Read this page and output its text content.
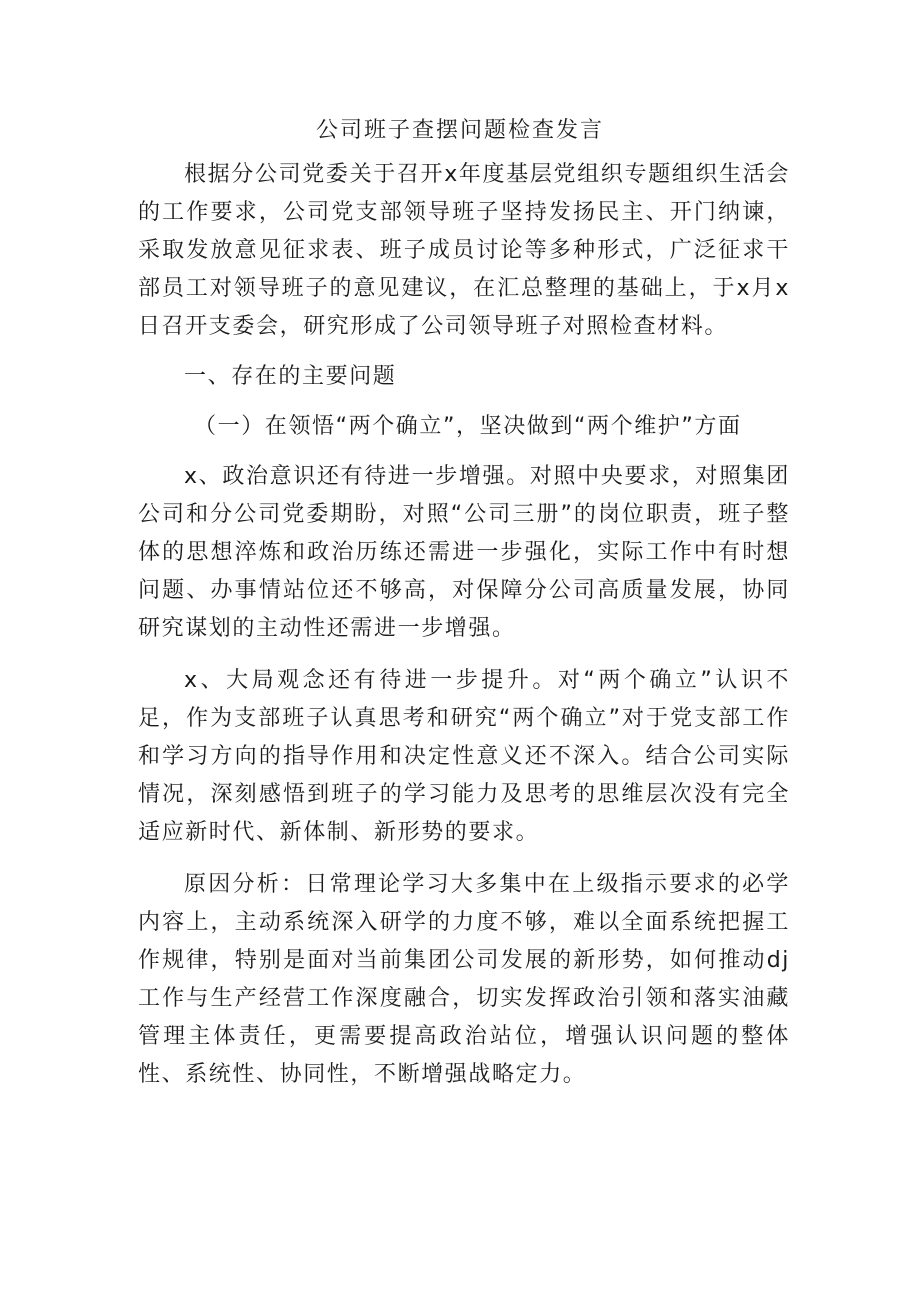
公司班子查摆问题检查发言

根据分公司党委关于召开x年度基层党组织专题组织生活会的工作要求，公司党支部领导班子坚持发扬民主、开门纳谏，采取发放意见征求表、班子成员讨论等多种形式，广泛征求干部员工对领导班子的意见建议，在汇总整理的基础上，于x月x日召开支委会，研究形成了公司领导班子对照检查材料。

一、存在的主要问题

（一）在领悟“两个确立”，坚决做到“两个维护”方面

x、政治意识还有待进一步增强。对照中央要求，对照集团公司和分公司党委期盼，对照“公司三册”的岗位职责，班子整体的思想淬炼和政治历练还需进一步强化，实际工作中有时想问题、办事情站位还不够高，对保障分公司高质量发展，协同研究谋划的主动性还需进一步增强。

x、大局观念还有待进一步提升。对“两个确立”认识不足，作为支部班子认真思考和研究“两个确立”对于党支部工作和学习方向的指导作用和决定性意义还不深入。结合公司实际情况，深刻感悟到班子的学习能力及思考的思维层次没有完全适应新时代、新体制、新形势的要求。

原因分析：日常理论学习大多集中在上级指示要求的必学内容上，主动系统深入研学的力度不够，难以全面系统把握工作规律，特别是面对当前集团公司发展的新形势，如何推动dj工作与生产经营工作深度融合，切实发挥政治引领和落实油藏管理主体责任，更需要提高政治站位，增强认识问题的整体性、系统性、协同性，不断增强战略定力。
